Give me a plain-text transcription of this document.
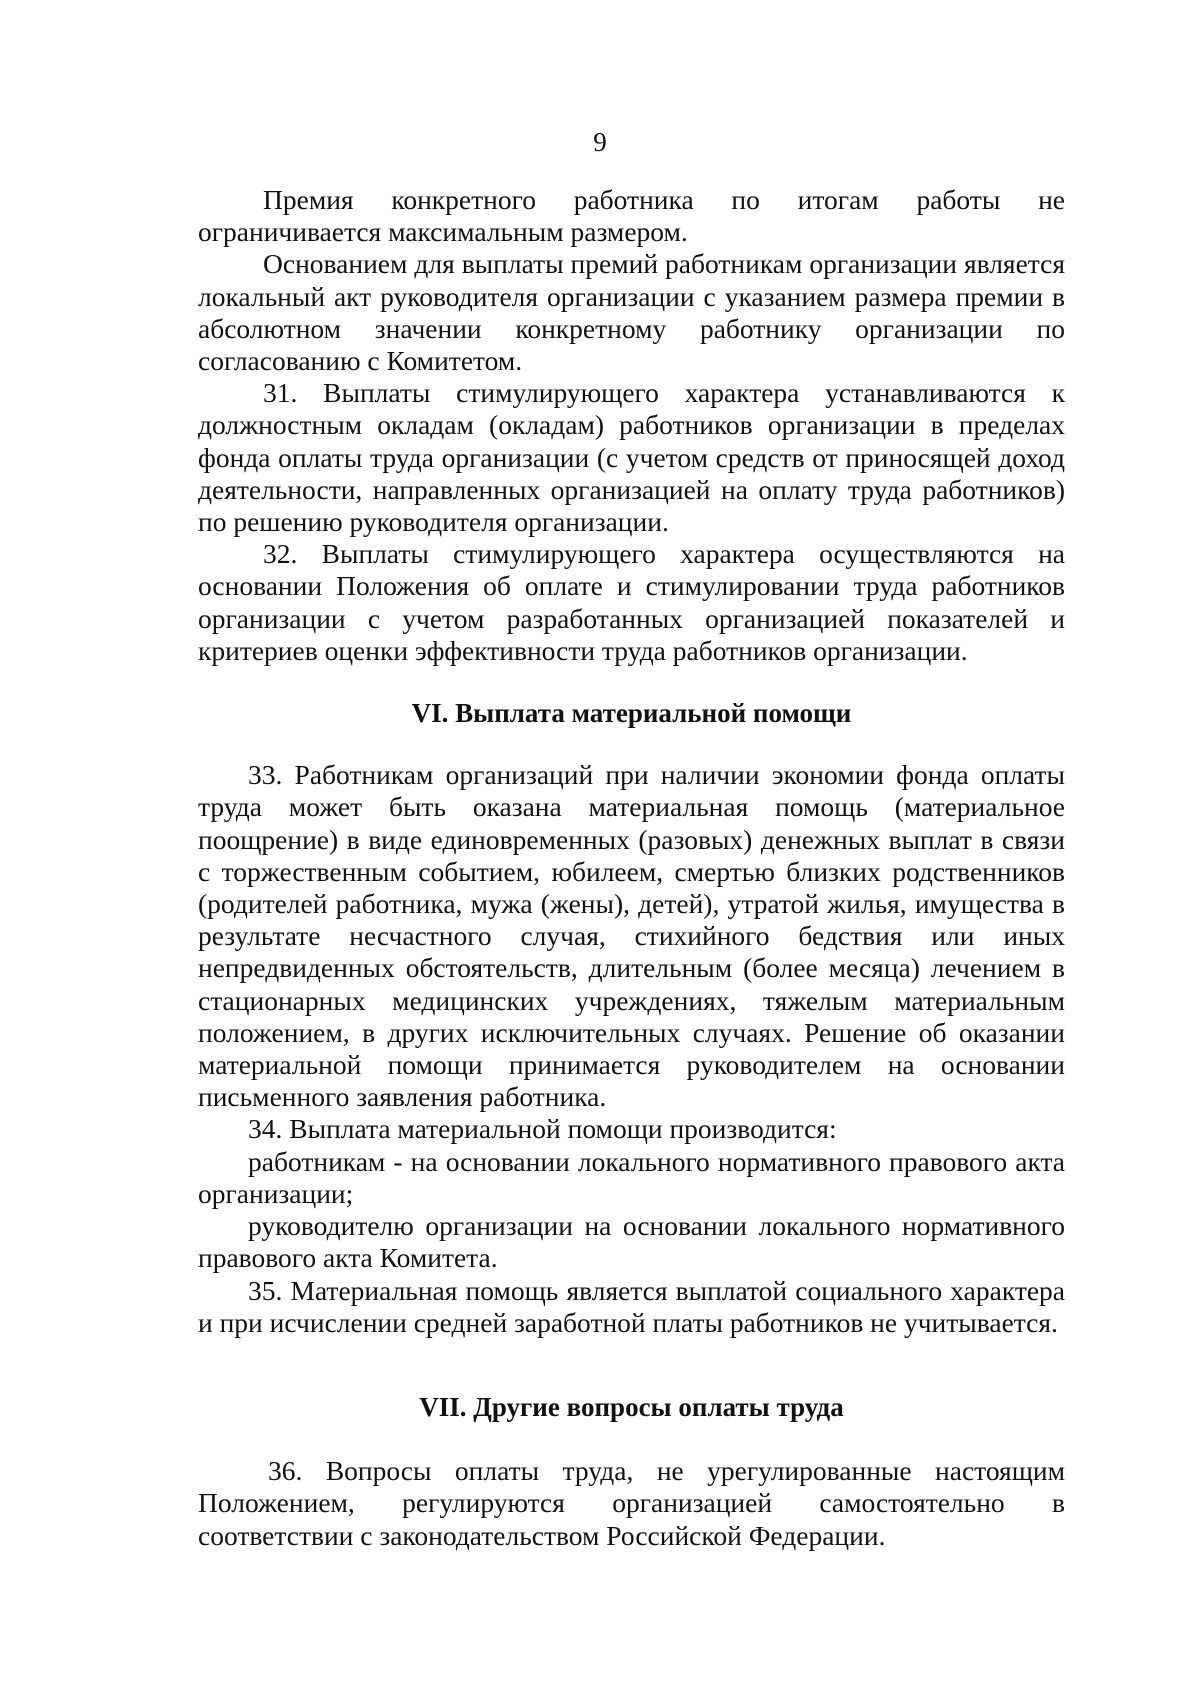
9

Премия конкретного работника по итогам работы не ограничивается максимальным размером.

Основанием для выплаты премий работникам организации является локальный акт руководителя организации с указанием размера премии в абсолютном значении конкретному работнику организации по согласованию с Комитетом.

31. Выплаты стимулирующего характера устанавливаются к должностным окладам (окладам) работников организации в пределах фонда оплаты труда организации (с учетом средств от приносящей доход деятельности, направленных организацией на оплату труда работников) по решению руководителя организации.

32. Выплаты стимулирующего характера осуществляются на основании Положения об оплате и стимулировании труда работников организации с учетом разработанных организацией показателей и критериев оценки эффективности труда работников организации.

VI. Выплата материальной помощи

33. Работникам организаций при наличии экономии фонда оплаты труда может быть оказана материальная помощь (материальное поощрение) в виде единовременных (разовых) денежных выплат в связи с торжественным событием, юбилеем, смертью близких родственников (родителей работника, мужа (жены), детей), утратой жилья, имущества в результате несчастного случая, стихийного бедствия или иных непредвиденных обстоятельств, длительным (более месяца) лечением в стационарных медицинских учреждениях, тяжелым материальным положением, в других исключительных случаях. Решение об оказании материальной помощи принимается руководителем на основании письменного заявления работника.

34. Выплата материальной помощи производится:

работникам - на основании локального нормативного правового акта организации;

руководителю организации на основании локального нормативного правового акта Комитета.

35. Материальная помощь является выплатой социального характера и при исчислении средней заработной платы работников не учитывается.

VII. Другие вопросы оплаты труда

36. Вопросы оплаты труда, не урегулированные настоящим Положением, регулируются организацией самостоятельно в соответствии с законодательством Российской Федерации.
